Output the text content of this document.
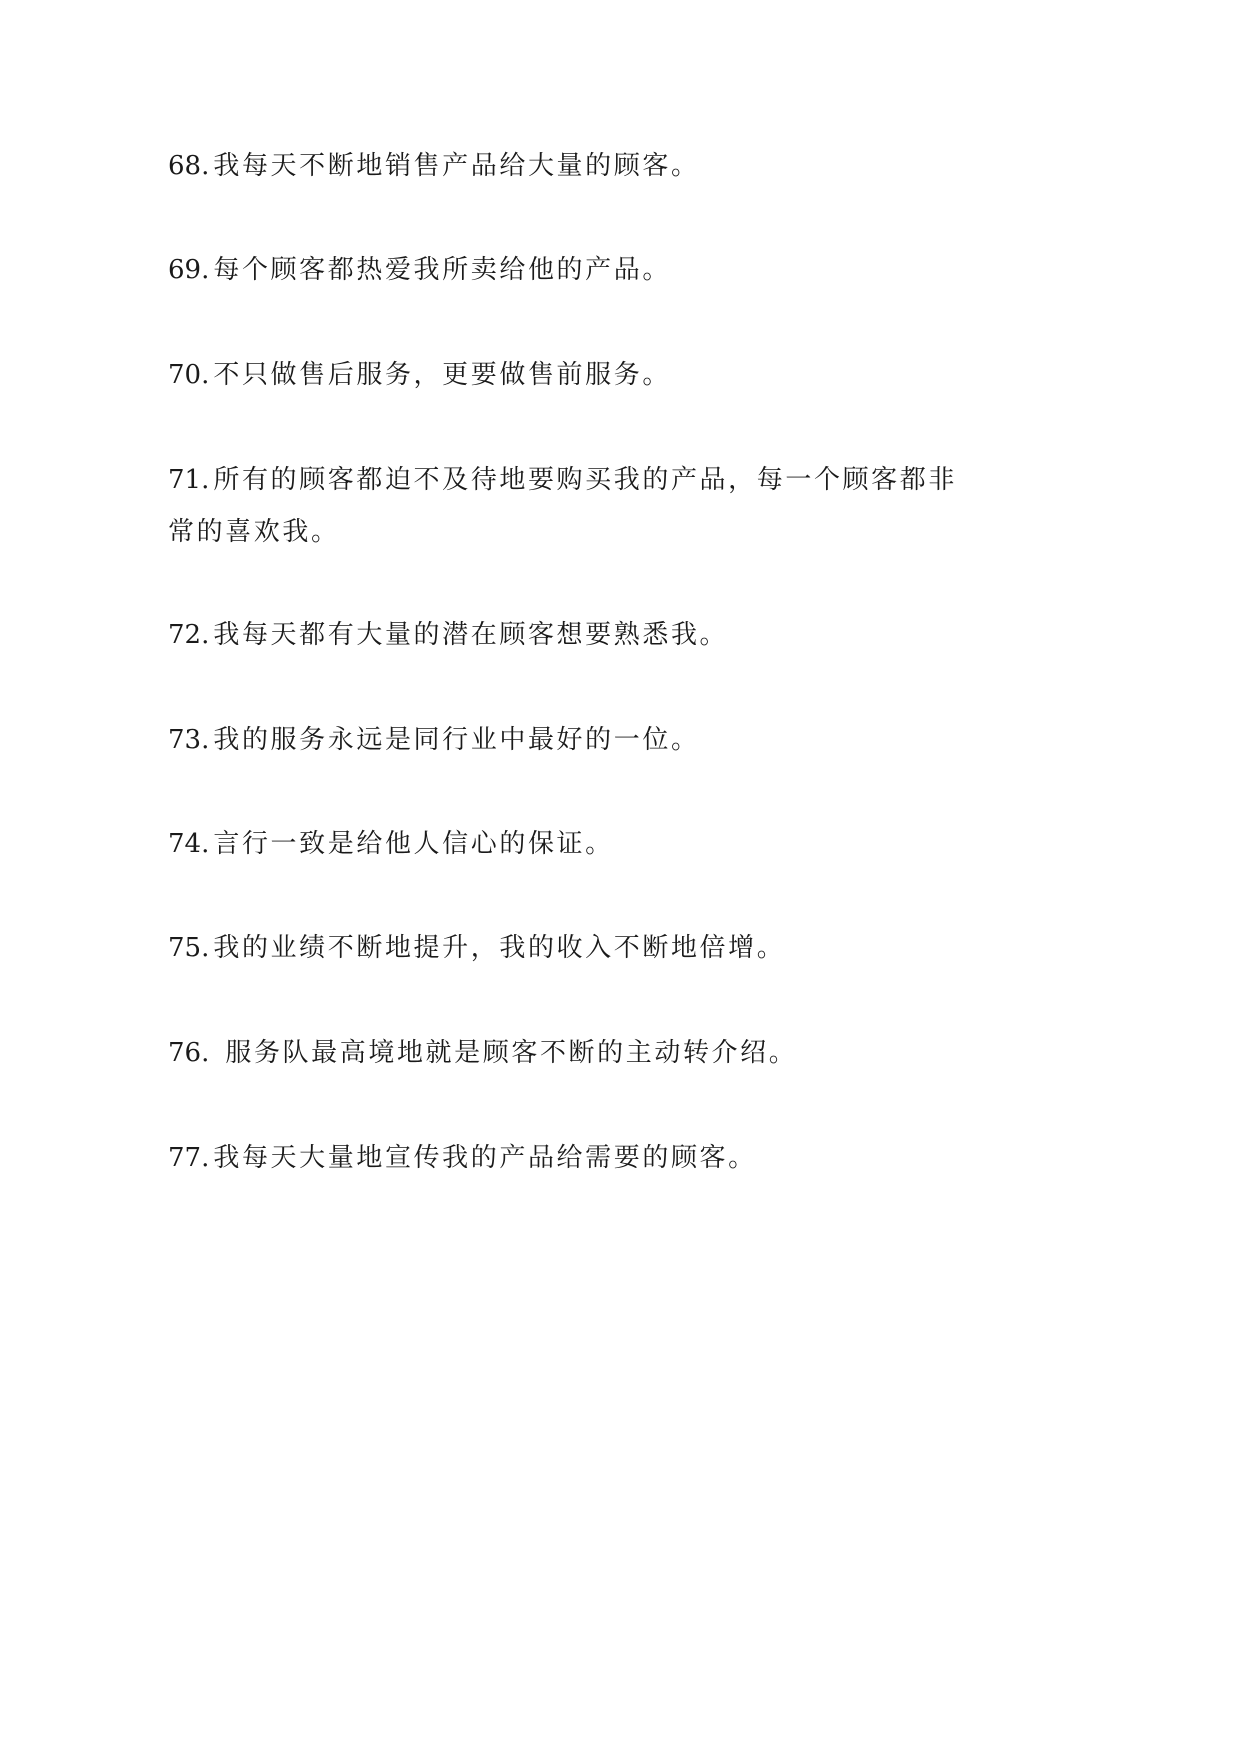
68. 我每天不断地销售产品给大量的顾客。

69. 每个顾客都热爱我所卖给他的产品。

70. 不只做售后服务，更要做售前服务。

71. 所有的顾客都迫不及待地要购买我的产品，每一个顾客都非常的喜欢我。

72. 我每天都有大量的潜在顾客想要熟悉我。

73. 我的服务永远是同行业中最好的一位。

74. 言行一致是给他人信心的保证。

75. 我的业绩不断地提升，我的收入不断地倍增。

76. 服务队最高境地就是顾客不断的主动转介绍。

77. 我每天大量地宣传我的产品给需要的顾客。
